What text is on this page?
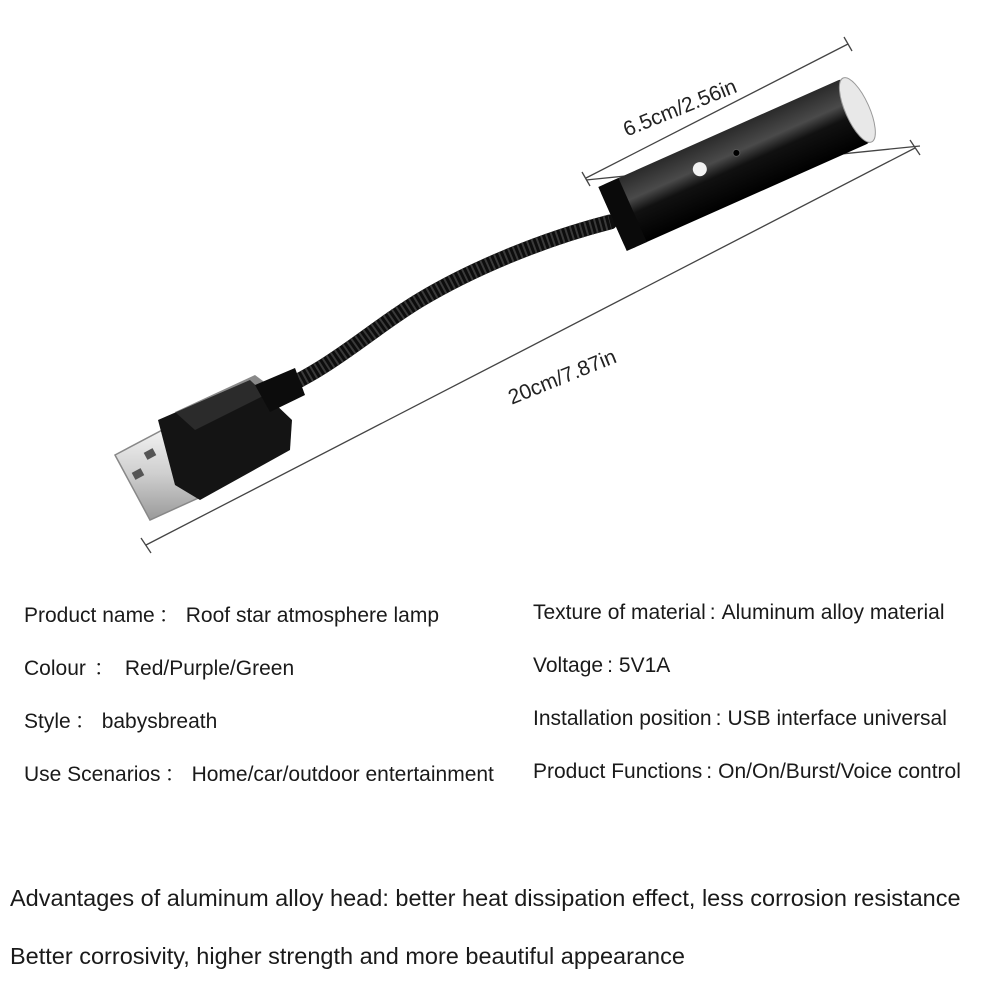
6.5cm/2.56in
20cm/7.87in
Product name ： Roof star atmosphere lamp
Colour ： Red/Purple/Green
Style ： babysbreath
Use Scenarios ： Home/car/outdoor entertainment
Texture of material : Aluminum alloy material
Voltage : 5V1A
Installation position : USB interface universal
Product Functions : On/On/Burst/Voice control
Advantages of aluminum alloy head: better heat dissipation effect, less corrosion resistance
Better corrosivity, higher strength and more beautiful appearance
